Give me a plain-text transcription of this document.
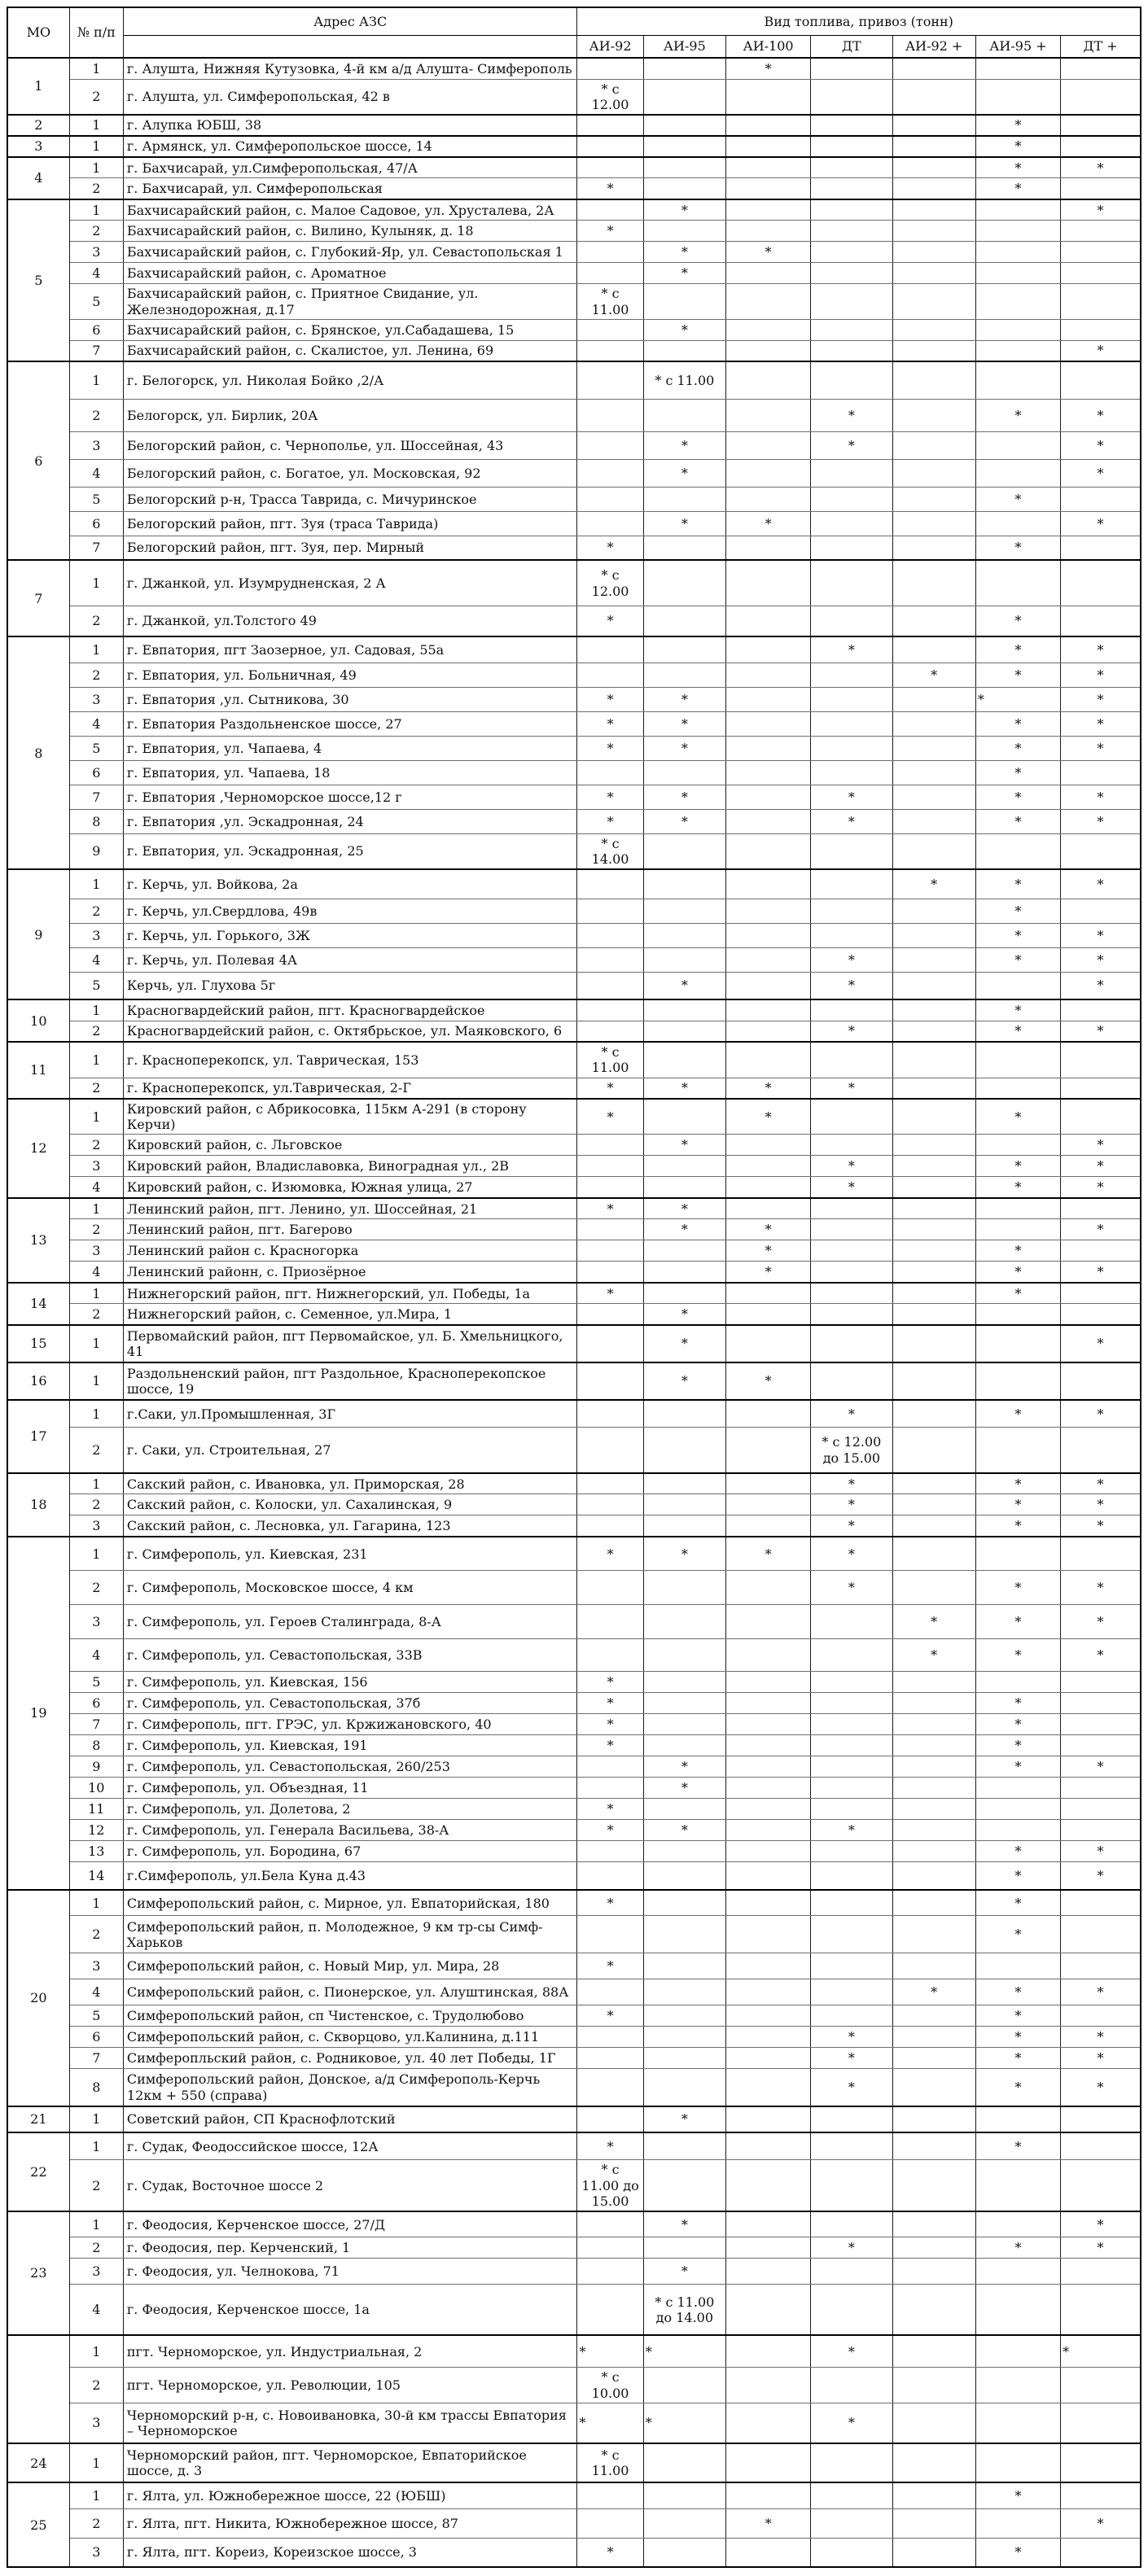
МО	№ п/п	Адрес АЗС	Вид топлива, привоз (тонн)						
			АИ-92	АИ-95	АИ-100	ДТ	АИ-92 +	АИ-95 +	ДТ +
1	1	г. Алушта, Нижняя Кутузовка, 4-й км а/д Алушта- Симферополь			*				
	2	г. Алушта, ул. Симферопольская, 42 в	* с 12.00						
2	1	г. Алупка ЮБШ, 38						*	
3	1	г. Армянск, ул. Симферопольское шоссе, 14						*	
4	1	г. Бахчисарай, ул.Симферопольская, 47/А						*	*
	2	г. Бахчисарай, ул. Симферопольская	*					*	
5	1	Бахчисарайский район, с. Малое Садовое, ул. Хрусталева, 2А		*					*
	2	Бахчисарайский район, с. Вилино, Кулыняк, д. 18	*						
	3	Бахчисарайский район, с. Глубокий-Яр, ул. Севастопольская 1		*	*				
	4	Бахчисарайский район, с. Ароматное		*					
	5	Бахчисарайский район, с. Приятное Свидание, ул. Железнодорожная, д.17	* с 11.00						
	6	Бахчисарайский район, с. Брянское, ул.Сабадашева, 15		*					
	7	Бахчисарайский район, с. Скалистое, ул. Ленина, 69							*
6	1	г. Белогорск, ул. Николая Бойко ,2/А		* с 11.00					
	2	Белогорск, ул. Бирлик, 20А				*		*	*
	3	Белогорский район, с. Чернополье, ул. Шоссейная, 43		*		*			*
	4	Белогорский район, с. Богатое, ул. Московская, 92		*					*
	5	Белогорский р-н, Трасса Таврида, с. Мичуринское						*	
	6	Белогорский район, пгт. Зуя (траса Таврида)		*	*				*
	7	Белогорский район, пгт. Зуя, пер. Мирный	*					*	
7	1	г. Джанкой, ул. Изумрудненская, 2 А	* с 12.00						
	2	г. Джанкой, ул.Толстого 49	*					*	
8	1	г. Евпатория, пгт Заозерное, ул. Садовая, 55а				*		*	*
	2	г. Евпатория, ул. Больничная, 49					*	*	*
	3	г. Евпатория ,ул. Сытникова, 30	*	*				*	*
	4	г. Евпатория Раздольненское шоссе, 27	*	*				*	*
	5	г. Евпатория, ул. Чапаева, 4	*	*				*	*
	6	г. Евпатория, ул. Чапаева, 18						*	
	7	г. Евпатория ,Черноморское шоссе,12 г	*	*		*		*	*
	8	г. Евпатория ,ул. Эскадронная, 24	*	*		*		*	*
	9	г. Евпатория, ул. Эскадронная, 25	* с 14.00						
9	1	г. Керчь, ул. Войкова, 2а					*	*	*
	2	г. Керчь, ул.Свердлова, 49в						*	
	3	г. Керчь, ул. Горького, 3Ж						*	*
	4	г. Керчь, ул. Полевая 4А				*		*	*
	5	Керчь, ул. Глухова 5г		*		*			*
10	1	Красногвардейский район, пгт. Красногвардейское						*	
	2	Красногвардейский район, с. Октябрьское, ул. Маяковского, 6				*		*	*
11	1	г. Красноперекопск, ул. Таврическая, 153	* с 11.00						
	2	г. Красноперекопск, ул.Таврическая, 2-Г	*	*	*	*			
12	1	Кировский район, с Абрикосовка, 115км А-291 (в сторону Керчи)	*		*			*	
	2	Кировский район, с. Льговское		*					*
	3	Кировский район, Владиславовка, Виноградная ул., 2В				*		*	*
	4	Кировский район, с. Изюмовка, Южная улица, 27				*		*	*
13	1	Ленинский район, пгт. Ленино, ул. Шоссейная, 21	*	*					
	2	Ленинский район, пгт. Багерово		*	*				*
	3	Ленинский район с. Красногорка			*			*	
	4	Ленинский районн, с. Приозёрное			*			*	*
14	1	Нижнегорский район, пгт. Нижнегорский, ул. Победы, 1а	*					*	
	2	Нижнегорский район, с. Семенное, ул.Мира, 1		*					
15	1	Первомайский район, пгт Первомайское, ул. Б. Хмельницкого, 41		*					*
16	1	Раздольненский район, пгт Раздольное, Красноперекопское шоссе, 19		*	*				
17	1	г.Саки, ул.Промышленная, 3Г				*		*	*
	2	г. Саки, ул. Строительная, 27				* с 12.00 до 15.00			
18	1	Сакский район, с. Ивановка, ул. Приморская, 28				*		*	*
	2	Сакский район, с. Колоски, ул. Сахалинская, 9				*		*	*
	3	Сакский район, с. Лесновка, ул. Гагарина, 123				*		*	*
19	1	г. Симферополь, ул. Киевская, 231	*	*	*	*			
	2	г. Симферополь, Московское шоссе, 4 км				*		*	*
	3	г. Симферополь, ул. Героев Сталинграда, 8-А					*	*	*
	4	г. Симферополь, ул. Севастопольская, 33В					*	*	*
	5	г. Симферополь, ул. Киевская, 156	*						
	6	г. Симферополь, ул. Севастопольская, 37б	*					*	
	7	г. Симферополь, пгт. ГРЭС, ул. Кржижановского, 40	*					*	
	8	г. Симферополь, ул. Киевская, 191	*					*	
	9	г. Симферополь, ул. Севастопольская, 260/253		*				*	*
	10	г. Симферополь, ул. Объездная, 11		*					
	11	г. Симферополь, ул. Долетова, 2	*						
	12	г. Симферополь, ул. Генерала Васильева, 38-А	*	*		*			
	13	г. Симферополь, ул. Бородина, 67						*	*
	14	г.Симферополь, ул.Бела Куна д.43						*	*
20	1	Симферопольский район, с. Мирное, ул. Евпаторийская, 180	*					*	
	2	Симферопольский район, п. Молодежное, 9 км тр-сы Симф-Харьков						*	
	3	Симферопольский район, с. Новый Мир, ул. Мира, 28	*						
	4	Симферопольский район, с. Пионерское, ул. Алуштинская, 88А					*	*	*
	5	Симферопольский район, сп Чистенское, с. Трудолюбово	*					*	
	6	Симферопольский район, с. Скворцово, ул.Калинина, д.111				*		*	*
	7	Симферопльский район, с. Родниковое, ул. 40 лет Победы, 1Г				*		*	*
	8	Симферопольский район, Донское, а/д Симферополь-Керчь 12км + 550 (справа)				*		*	*
21	1	Советский район, СП Краснофлотский		*					
22	1	г. Судак, Феодоссийское шоссе, 12А	*					*	
	2	г. Судак, Восточное шоссе 2	* с 11.00 до 15.00						
23	1	г. Феодосия, Керченское шоссе, 27/Д		*					*
	2	г. Феодосия, пер. Керченский, 1				*		*	*
	3	г. Феодосия, ул. Челнокова, 71		*					
	4	г. Феодосия, Керченское шоссе, 1а		* с 11.00 до 14.00					
	1	пгт. Черноморское, ул. Индустриальная, 2	*	*		*			*
	2	пгт. Черноморское, ул. Революции, 105	* с 10.00						
	3	Черноморский р-н, с. Новоивановка, 30-й км трассы Евпатория – Черноморское	*	*		*			
24	1	Черноморский район, пгт. Черноморское, Евпаторийское шоссе, д. 3	* с 11.00						
25	1	г. Ялта, ул. Южнобережное шоссе, 22 (ЮБШ)						*	
	2	г. Ялта, пгт. Никита, Южнобережное шоссе, 87			*				*
	3	г. Ялта, пгт. Кореиз, Кореизское шоссе, 3	*					*	
